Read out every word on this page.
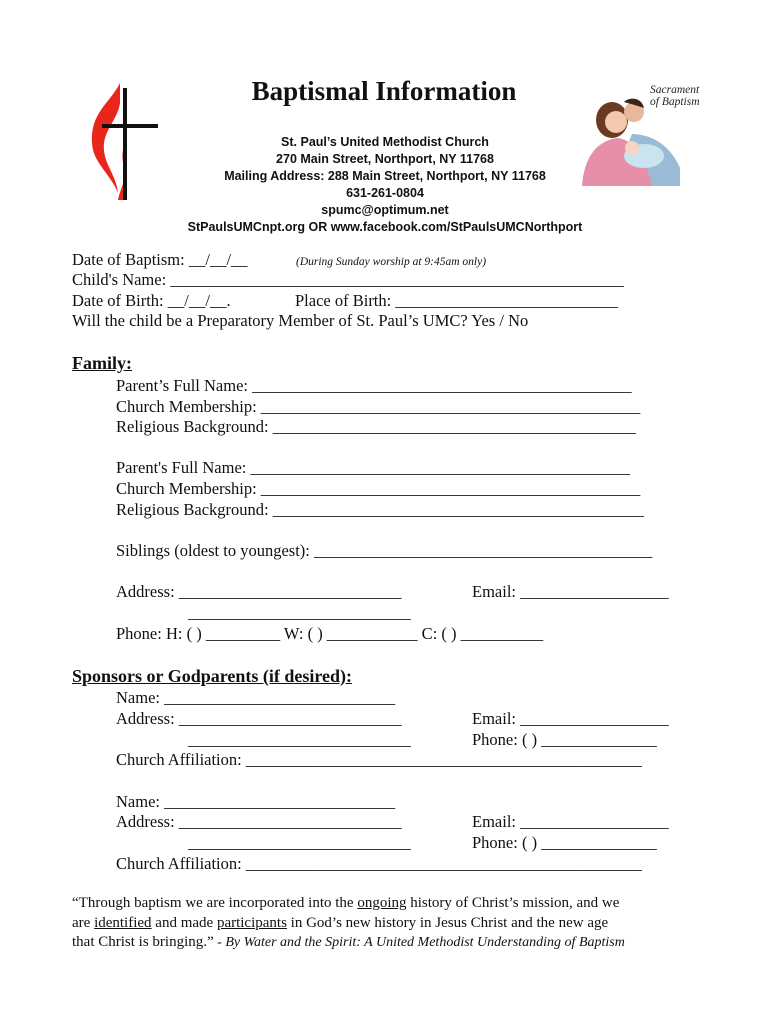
Sacrament
of Baptism
Baptismal Information
St. Paul’s United Methodist Church
270 Main Street, Northport, NY 11768
Mailing Address: 288 Main Street, Northport, NY 11768
631-261-0804
spumc@optimum.net
StPaulsUMCnpt.org OR www.facebook.com/StPaulsUMCNorthport
Date of Baptism: __/__/__	(During Sunday worship at 9:45am only)
Child's Name: _______________________________________________________
Date of Birth: __/__/__.	Place of Birth: ___________________________
Will the child be a Preparatory Member of St. Paul’s UMC? Yes / No
Family:
Parent’s Full Name: ______________________________________________
Church Membership: ______________________________________________
Religious Background: ____________________________________________
Parent's Full Name: ______________________________________________
Church Membership: ______________________________________________
Religious Background: _____________________________________________
Siblings (oldest to youngest): _________________________________________
Address: ___________________________	Email: __________________
___________________________
Phone: H: ( ) _________ W: ( ) ___________ C: ( ) __________
Sponsors or Godparents (if desired):
Name: ____________________________
Address: ___________________________	Email: __________________
___________________________	Phone: ( ) ______________
Church Affiliation: ________________________________________________
Name: ____________________________
Address: ___________________________	Email: __________________
___________________________	Phone: ( ) ______________
Church Affiliation: ________________________________________________
“Through baptism we are incorporated into the ongoing history of Christ’s mission, and we
are identified and made participants in God’s new history in Jesus Christ and the new age
that Christ is bringing.” - By Water and the Spirit: A United Methodist Understanding of Baptism
